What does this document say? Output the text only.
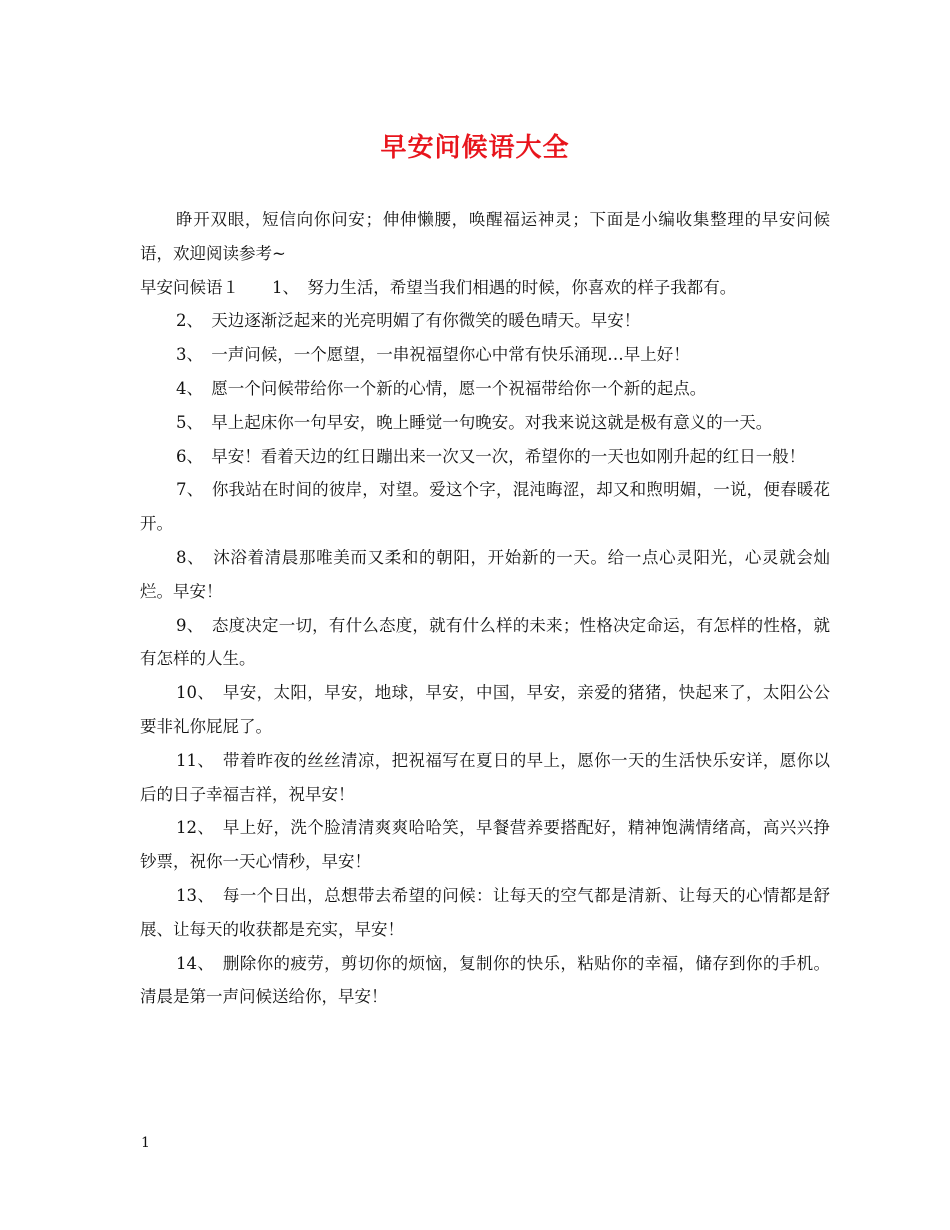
早安问候语大全

睁开双眼，短信向你问安；伸伸懒腰，唤醒福运神灵；下面是小编收集整理的早安问候语，欢迎阅读参考~

早安问候语１　　1、　努力生活，希望当我们相遇的时候，你喜欢的样子我都有。

2、　天边逐渐泛起来的光亮明媚了有你微笑的暖色晴天。早安！

3、　一声问候，一个愿望，一串祝福望你心中常有快乐涌现…早上好！

4、　愿一个问候带给你一个新的心情，愿一个祝福带给你一个新的起点。

5、　早上起床你一句早安，晚上睡觉一句晚安。对我来说这就是极有意义的一天。

6、　早安！看着天边的红日蹦出来一次又一次，希望你的一天也如刚升起的红日一般！

7、　你我站在时间的彼岸，对望。爱这个字，混沌晦涩，却又和煦明媚，一说，便春暖花开。

8、　沐浴着清晨那唯美而又柔和的朝阳，开始新的一天。给一点心灵阳光，心灵就会灿烂。早安！

9、　态度决定一切，有什么态度，就有什么样的未来；性格决定命运，有怎样的性格，就有怎样的人生。

10、　早安，太阳，早安，地球，早安，中国，早安，亲爱的猪猪，快起来了，太阳公公要非礼你屁屁了。

11、　带着昨夜的丝丝清凉，把祝福写在夏日的早上，愿你一天的生活快乐安详，愿你以后的日子幸福吉祥，祝早安！

12、　早上好，洗个脸清清爽爽哈哈笑，早餐营养要搭配好，精神饱满情绪高，高兴兴挣钞票，祝你一天心情秒，早安！

13、　每一个日出，总想带去希望的问候：让每天的空气都是清新、让每天的心情都是舒展、让每天的收获都是充实，早安！

14、　删除你的疲劳，剪切你的烦恼，复制你的快乐，粘贴你的幸福，储存到你的手机。清晨是第一声问候送给你，早安！

1
